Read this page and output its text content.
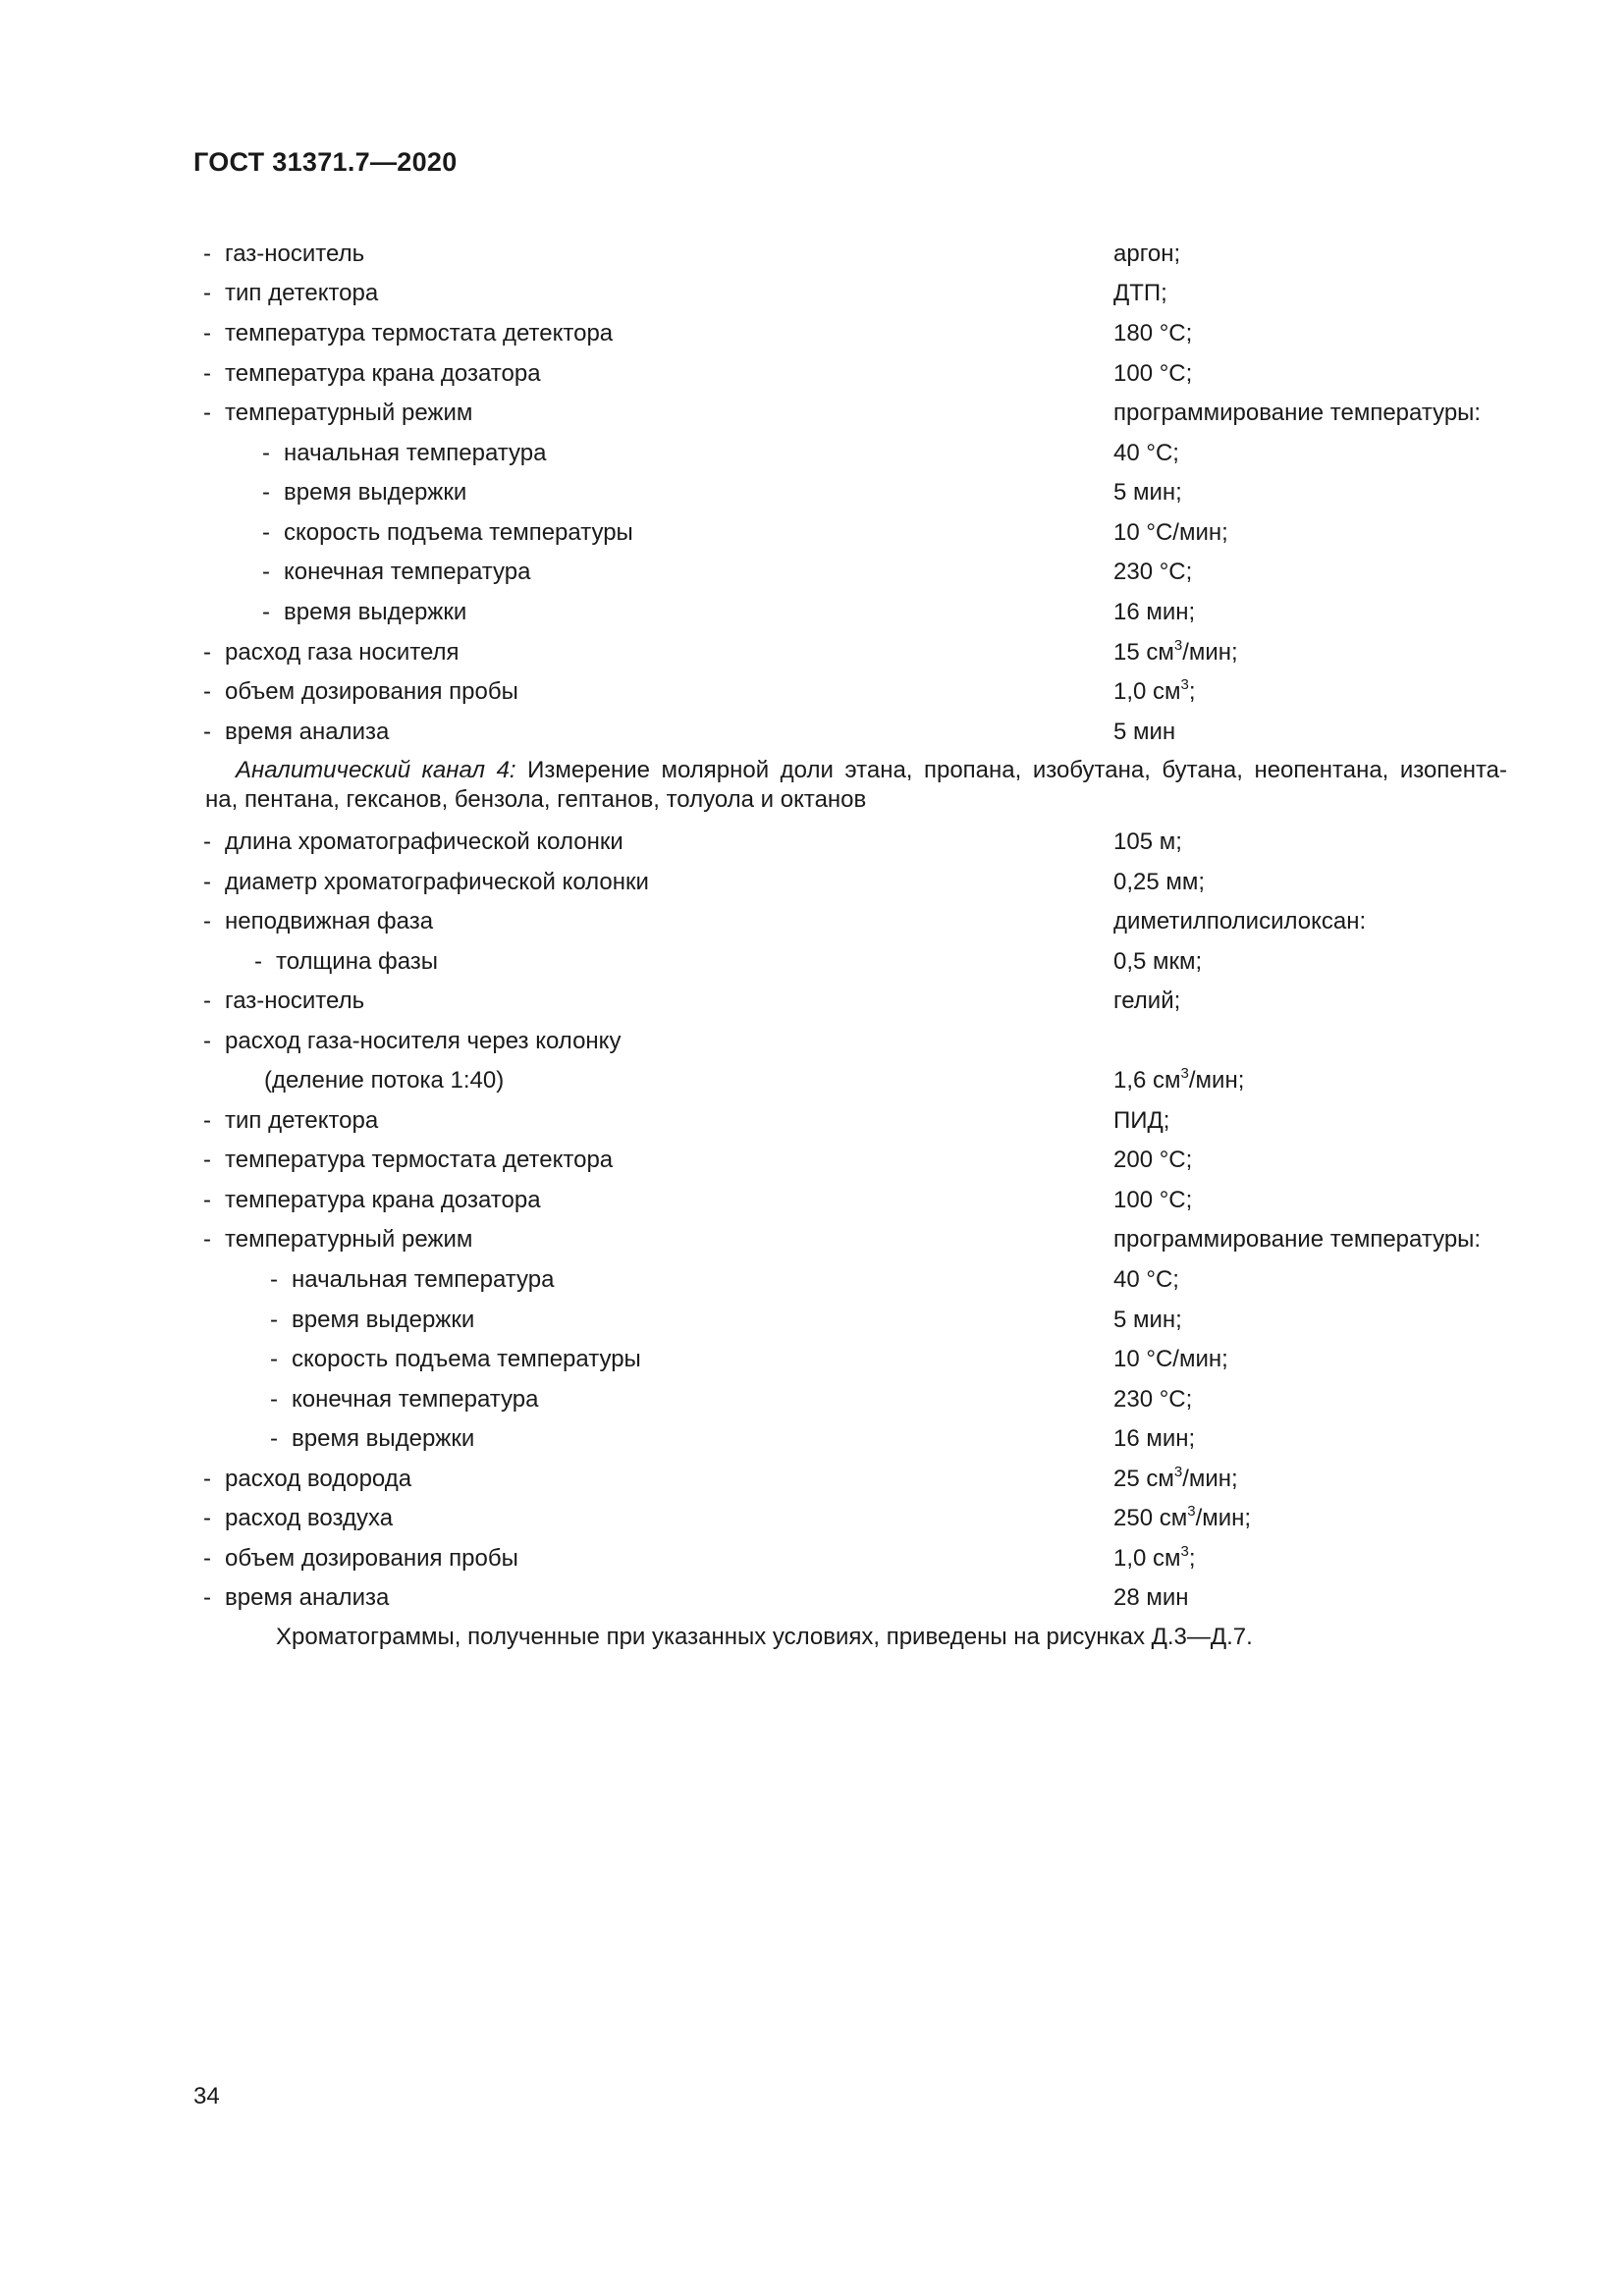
ГОСТ 31371.7—2020
- газ-носитель	аргон;
- тип детектора	ДТП;
- температура термостата детектора	180 °С;
- температура крана дозатора	100 °С;
- температурный режим	программирование температуры:
- начальная температура	40 °С;
- время выдержки	5 мин;
- скорость подъема температуры	10 °С/мин;
- конечная температура	230 °С;
- время выдержки	16 мин;
- расход газа носителя	15 $см^3$/мин;
- объем дозирования пробы	1,0 $см^3$;
- время анализа	5 мин
Аналитический канал 4: Измерение молярной доли этана, пропана, изобутана, бутана, неопентана, изопента-
на, пентана, гексанов, бензола, гептанов, толуола и октанов
- длина хроматографической колонки	105 м;
- диаметр хроматографической колонки	0,25 мм;
- неподвижная фаза	диметилполисилоксан:
- толщина фазы	0,5 мкм;
- газ-носитель	гелий;
- расход газа-носителя через колонку
(деление потока 1:40)	1,6 $см^3$/мин;
- тип детектора	ПИД;
- температура термостата детектора	200 °С;
- температура крана дозатора	100 °С;
- температурный режим	программирование температуры:
- начальная температура	40 °С;
- время выдержки	5 мин;
- скорость подъема температуры	10 °С/мин;
- конечная температура	230 °С;
- время выдержки	16 мин;
- расход водорода	25 $см^3$/мин;
- расход воздуха	250 $см^3$/мин;
- объем дозирования пробы	1,0 $см^3$;
- время анализа	28 мин
Хроматограммы, полученные при указанных условиях, приведены на рисунках Д.3—Д.7.
34
